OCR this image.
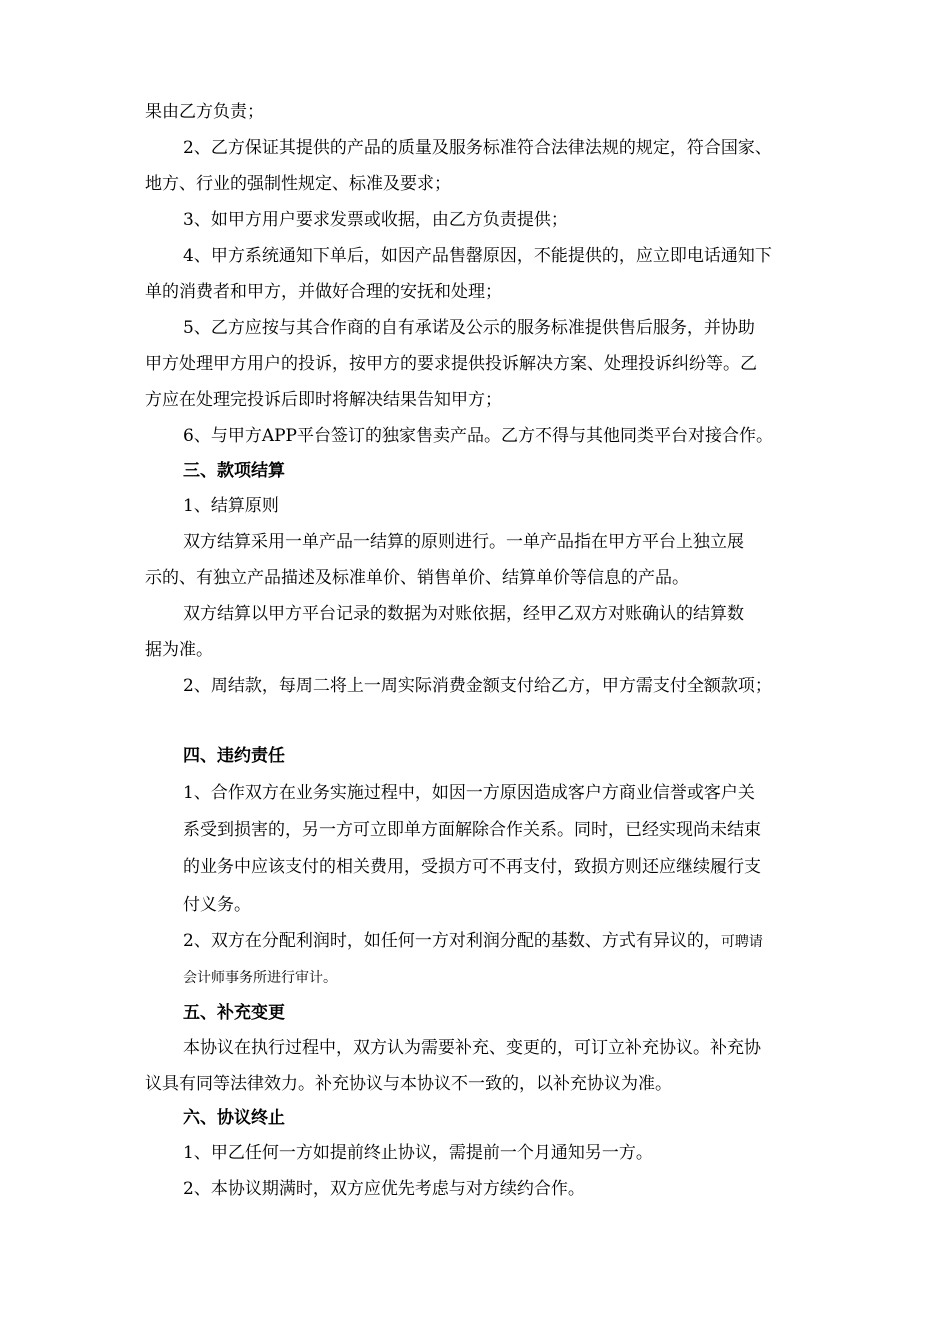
果由乙方负责；
2、乙方保证其提供的产品的质量及服务标准符合法律法规的规定，符合国家、
地方、行业的强制性规定、标准及要求；
3、如甲方用户要求发票或收据，由乙方负责提供；
4、甲方系统通知下单后，如因产品售罄原因，不能提供的，应立即电话通知下
单的消费者和甲方，并做好合理的安抚和处理；
5、乙方应按与其合作商的自有承诺及公示的服务标准提供售后服务，并协助
甲方处理甲方用户的投诉，按甲方的要求提供投诉解决方案、处理投诉纠纷等。乙
方应在处理完投诉后即时将解决结果告知甲方；
6、与甲方APP平台签订的独家售卖产品。乙方不得与其他同类平台对接合作。
三、款项结算
1、结算原则
双方结算采用一单产品一结算的原则进行。一单产品指在甲方平台上独立展
示的、有独立产品描述及标准单价、销售单价、结算单价等信息的产品。
双方结算以甲方平台记录的数据为对账依据，经甲乙双方对账确认的结算数
据为准。
2、周结款，每周二将上一周实际消费金额支付给乙方，甲方需支付全额款项；
四、违约责任
1、合作双方在业务实施过程中，如因一方原因造成客户方商业信誉或客户关
系受到损害的，另一方可立即单方面解除合作关系。同时，已经实现尚未结束
的业务中应该支付的相关费用，受损方可不再支付，致损方则还应继续履行支
付义务。
2、双方在分配利润时，如任何一方对利润分配的基数、方式有异议的，可聘请
会计师事务所进行审计。
五、补充变更
本协议在执行过程中，双方认为需要补充、变更的，可订立补充协议。补充协
议具有同等法律效力。补充协议与本协议不一致的，以补充协议为准。
六、协议终止
1、甲乙任何一方如提前终止协议，需提前一个月通知另一方。
2、本协议期满时，双方应优先考虑与对方续约合作。
